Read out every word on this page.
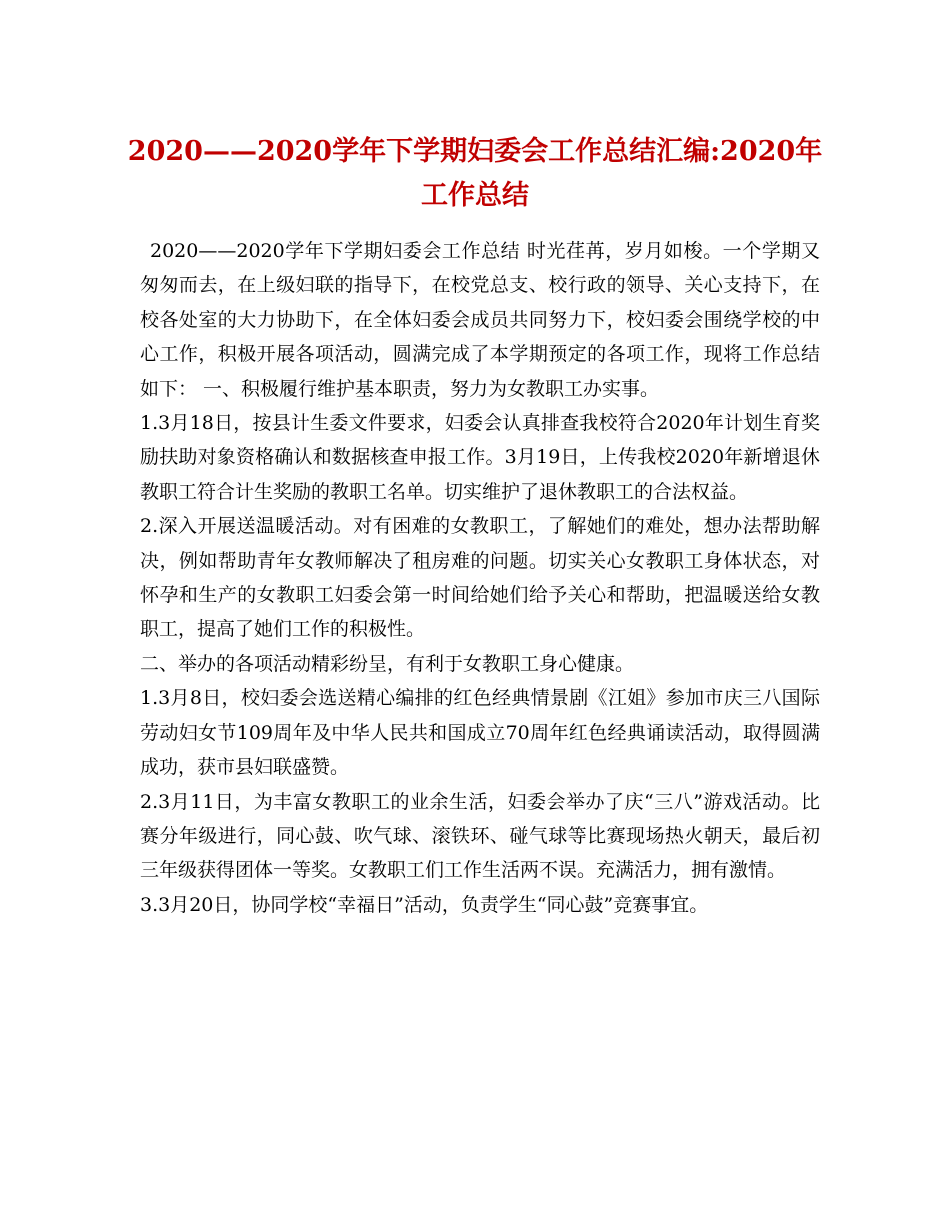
2020——2020学年下学期妇委会工作总结汇编:2020年
工作总结

2020——2020学年下学期妇委会工作总结 时光荏苒，岁月如梭。一个学期又匆匆而去，在上级妇联的指导下，在校党总支、校行政的领导、关心支持下，在校各处室的大力协助下，在全体妇委会成员共同努力下，校妇委会围绕学校的中心工作，积极开展各项活动，圆满完成了本学期预定的各项工作，现将工作总结如下： 一、积极履行维护基本职责，努力为女教职工办实事。

1.3月18日，按县计生委文件要求，妇委会认真排查我校符合2020年计划生育奖励扶助对象资格确认和数据核查申报工作。3月19日，上传我校2020年新增退休教职工符合计生奖励的教职工名单。切实维护了退休教职工的合法权益。

2.深入开展送温暖活动。对有困难的女教职工，了解她们的难处，想办法帮助解决，例如帮助青年女教师解决了租房难的问题。切实关心女教职工身体状态，对怀孕和生产的女教职工妇委会第一时间给她们给予关心和帮助，把温暖送给女教职工，提高了她们工作的积极性。

二、举办的各项活动精彩纷呈，有利于女教职工身心健康。

1.3月8日，校妇委会选送精心编排的红色经典情景剧《江姐》参加市庆三八国际劳动妇女节109周年及中华人民共和国成立70周年红色经典诵读活动，取得圆满成功，获市县妇联盛赞。

2.3月11日，为丰富女教职工的业余生活，妇委会举办了庆“三八”游戏活动。比赛分年级进行，同心鼓、吹气球、滚铁环、碰气球等比赛现场热火朝天，最后初三年级获得团体一等奖。女教职工们工作生活两不误。充满活力，拥有激情。

3.3月20日，协同学校“幸福日”活动，负责学生“同心鼓”竞赛事宜。
